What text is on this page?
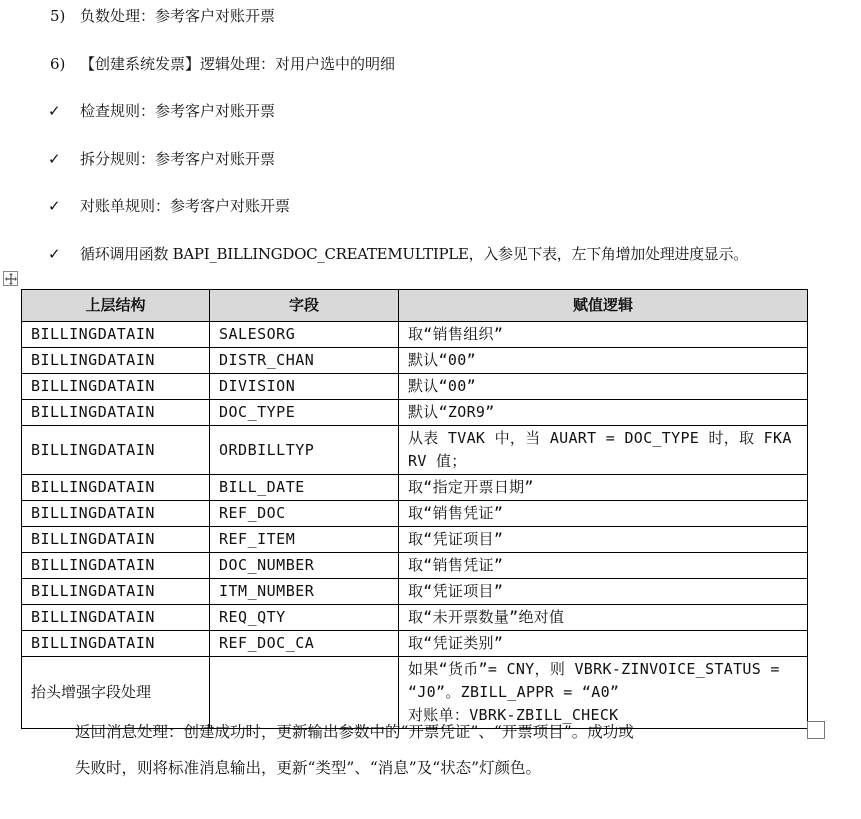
5) 负数处理：参考客户对账开票
6) 【创建系统发票】逻辑处理：对用户选中的明细
✓ 检查规则：参考客户对账开票
✓ 拆分规则：参考客户对账开票
✓ 对账单规则：参考客户对账开票
✓ 循环调用函数 BAPI_BILLINGDOC_CREATEMULTIPLE，入参见下表，左下角增加处理进度显示。
上层结构	字段	赋值逻辑
BILLINGDATAIN	SALESORG	取“销售组织”
BILLINGDATAIN	DISTR_CHAN	默认“00”
BILLINGDATAIN	DIVISION	默认“00”
BILLINGDATAIN	DOC_TYPE	默认“ZOR9”
BILLINGDATAIN	ORDBILLTYP	从表 TVAK 中，当 AUART = DOC_TYPE 时，取 FKARV 值；
BILLINGDATAIN	BILL_DATE	取“指定开票日期”
BILLINGDATAIN	REF_DOC	取“销售凭证”
BILLINGDATAIN	REF_ITEM	取“凭证项目”
BILLINGDATAIN	DOC_NUMBER	取“销售凭证”
BILLINGDATAIN	ITM_NUMBER	取“凭证项目”
BILLINGDATAIN	REQ_QTY	取“未开票数量”绝对值
BILLINGDATAIN	REF_DOC_CA	取“凭证类别”
抬头增强字段处理		如果“货币”= CNY，则 VBRK-ZINVOICE_STATUS = “J0”。ZBILL_APPR = “A0”
对账单：VBRK-ZBILL_CHECK
返回消息处理：创建成功时，更新输出参数中的“开票凭证”、“开票项目”。成功或
失败时，则将标准消息输出，更新“类型”、“消息”及“状态”灯颜色。
